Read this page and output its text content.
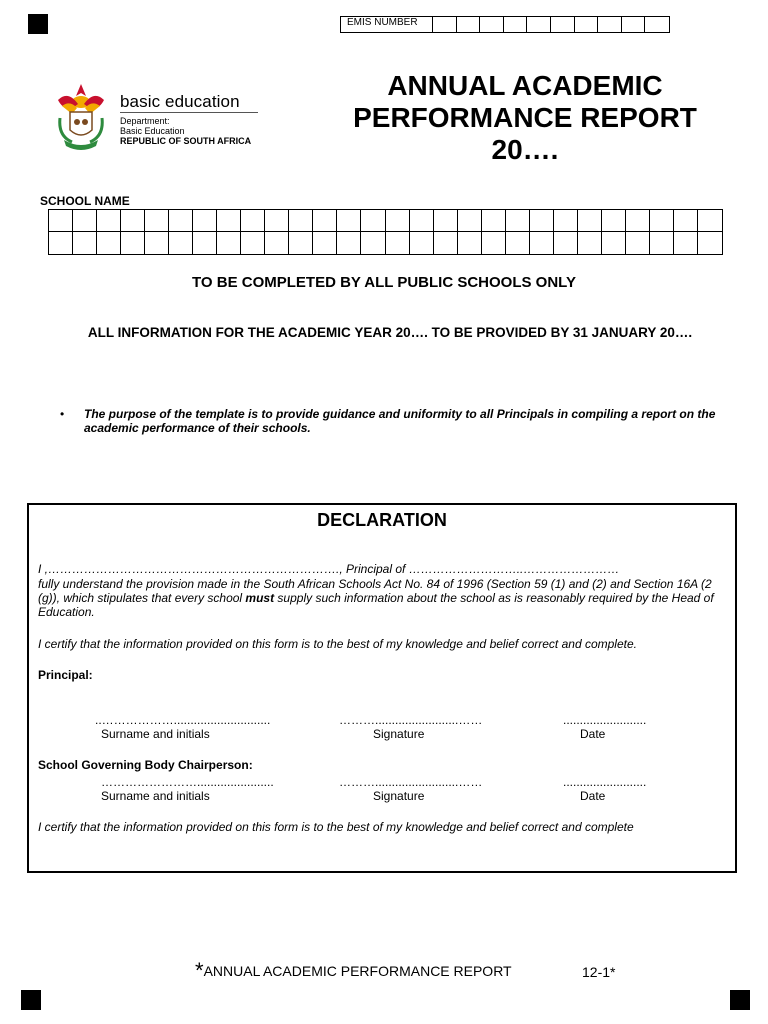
EMIS NUMBER
basic education
Department:
Basic Education
REPUBLIC OF SOUTH AFRICA
ANNUAL ACADEMIC
PERFORMANCE REPORT
20….
SCHOOL NAME
TO BE COMPLETED BY ALL PUBLIC SCHOOLS ONLY
ALL INFORMATION FOR THE ACADEMIC YEAR 20…. TO BE PROVIDED BY 31 JANUARY 20….
• The purpose of the template is to provide guidance and uniformity to all Principals in compiling a report on the academic performance of their schools.
DECLARATION
I ,………………………………………………………………., Principal of ………………………..……………………
fully understand the provision made in the South African Schools Act No. 84 of 1996 (Section 59 (1) and (2) and Section 16A (2 (g)), which stipulates that every school must supply such information about the school as is reasonably required by the Head of Education.
I certify that the information provided on this form is to the best of my knowledge and belief correct and complete.
Principal:
..……………….............................	……….........................……	.........................
Surname and initials	Signature	Date
School Governing Body Chairperson:
…………………….......................	……….........................……	.........................
Surname and initials	Signature	Date
I certify that the information provided on this form is to the best of my knowledge and belief correct and complete
*ANNUAL ACADEMIC PERFORMANCE REPORT	12-1*
